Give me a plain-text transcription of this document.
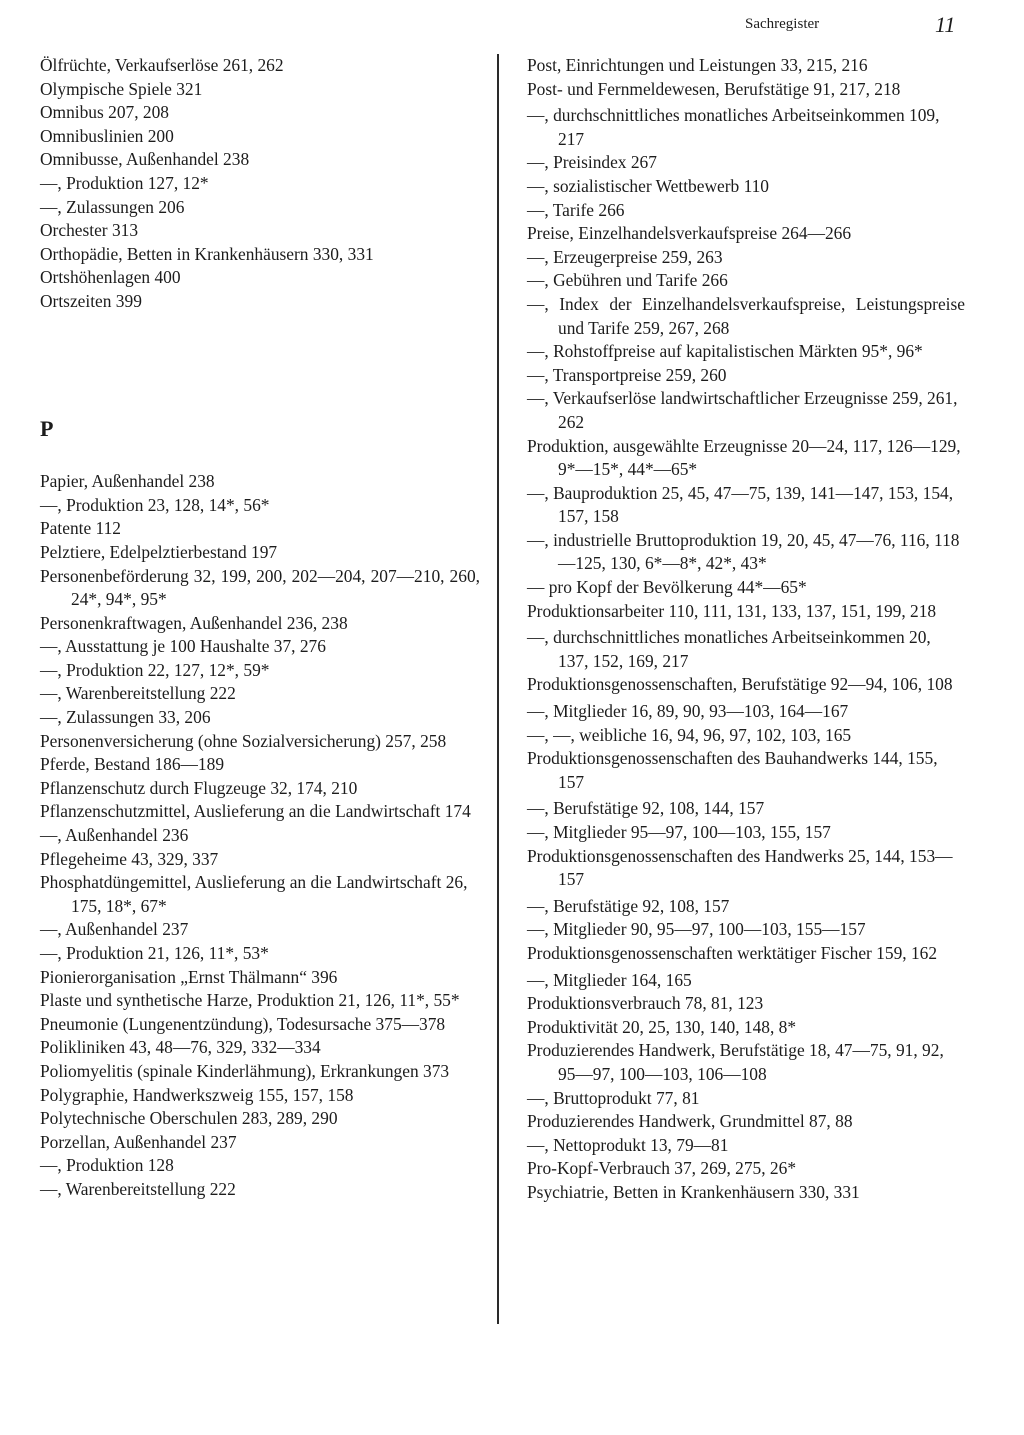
Sachregister	11
Ölfrüchte, Verkaufserlöse 261, 262
Olympische Spiele 321
Omnibus 207, 208
Omnibuslinien 200
Omnibusse, Außenhandel 238
—, Produktion 127, 12*
—, Zulassungen 206
Orchester 313
Orthopädie, Betten in Krankenhäusern 330, 331
Ortshöhenlagen 400
Ortszeiten 399
P
Papier, Außenhandel 238
—, Produktion 23, 128, 14*, 56*
Patente 112
Pelztiere, Edelpelztierbestand 197
Personenbeförderung 32, 199, 200, 202—204, 207—210, 260, 24*, 94*, 95*
Personenkraftwagen, Außenhandel 236, 238
—, Ausstattung je 100 Haushalte 37, 276
—, Produktion 22, 127, 12*, 59*
—, Warenbereitstellung 222
—, Zulassungen 33, 206
Personenversicherung (ohne Sozialversicherung) 257, 258
Pferde, Bestand 186—189
Pflanzenschutz durch Flugzeuge 32, 174, 210
Pflanzenschutzmittel, Auslieferung an die Landwirtschaft 174
—, Außenhandel 236
Pflegeheime 43, 329, 337
Phosphatdüngemittel, Auslieferung an die Landwirtschaft 26, 175, 18*, 67*
—, Außenhandel 237
—, Produktion 21, 126, 11*, 53*
Pionierorganisation „Ernst Thälmann“ 396
Plaste und synthetische Harze, Produktion 21, 126, 11*, 55*
Pneumonie (Lungenentzündung), Todesursache 375—378
Polikliniken 43, 48—76, 329, 332—334
Poliomyelitis (spinale Kinderlähmung), Erkrankungen 373
Polygraphie, Handwerkszweig 155, 157, 158
Polytechnische Oberschulen 283, 289, 290
Porzellan, Außenhandel 237
—, Produktion 128
—, Warenbereitstellung 222
Post, Einrichtungen und Leistungen 33, 215, 216
Post- und Fernmeldewesen, Berufstätige 91, 217, 218
—, durchschnittliches monatliches Arbeitseinkommen 109, 217
—, Preisindex 267
—, sozialistischer Wettbewerb 110
—, Tarife 266
Preise, Einzelhandelsverkaufspreise 264—266
—, Erzeugerpreise 259, 263
—, Gebühren und Tarife 266
—, Index der Einzelhandelsverkaufspreise, Leistungspreise und Tarife 259, 267, 268
—, Rohstoffpreise auf kapitalistischen Märkten 95*, 96*
—, Transportpreise 259, 260
—, Verkaufserlöse landwirtschaftlicher Erzeugnisse 259, 261, 262
Produktion, ausgewählte Erzeugnisse 20—24, 117, 126—129, 9*—15*, 44*—65*
—, Bauproduktion 25, 45, 47—75, 139, 141—147, 153, 154, 157, 158
—, industrielle Bruttoproduktion 19, 20, 45, 47—76, 116, 118—125, 130, 6*—8*, 42*, 43*
— pro Kopf der Bevölkerung 44*—65*
Produktionsarbeiter 110, 111, 131, 133, 137, 151, 199, 218
—, durchschnittliches monatliches Arbeitseinkommen 20, 137, 152, 169, 217
Produktionsgenossenschaften, Berufstätige 92—94, 106, 108
—, Mitglieder 16, 89, 90, 93—103, 164—167
—, —, weibliche 16, 94, 96, 97, 102, 103, 165
Produktionsgenossenschaften des Bauhandwerks 144, 155, 157
—, Berufstätige 92, 108, 144, 157
—, Mitglieder 95—97, 100—103, 155, 157
Produktionsgenossenschaften des Handwerks 25, 144, 153—157
—, Berufstätige 92, 108, 157
—, Mitglieder 90, 95—97, 100—103, 155—157
Produktionsgenossenschaften werktätiger Fischer 159, 162
—, Mitglieder 164, 165
Produktionsverbrauch 78, 81, 123
Produktivität 20, 25, 130, 140, 148, 8*
Produzierendes Handwerk, Berufstätige 18, 47—75, 91, 92, 95—97, 100—103, 106—108
—, Bruttoprodukt 77, 81
Produzierendes Handwerk, Grundmittel 87, 88
—, Nettoprodukt 13, 79—81
Pro-Kopf-Verbrauch 37, 269, 275, 26*
Psychiatrie, Betten in Krankenhäusern 330, 331
